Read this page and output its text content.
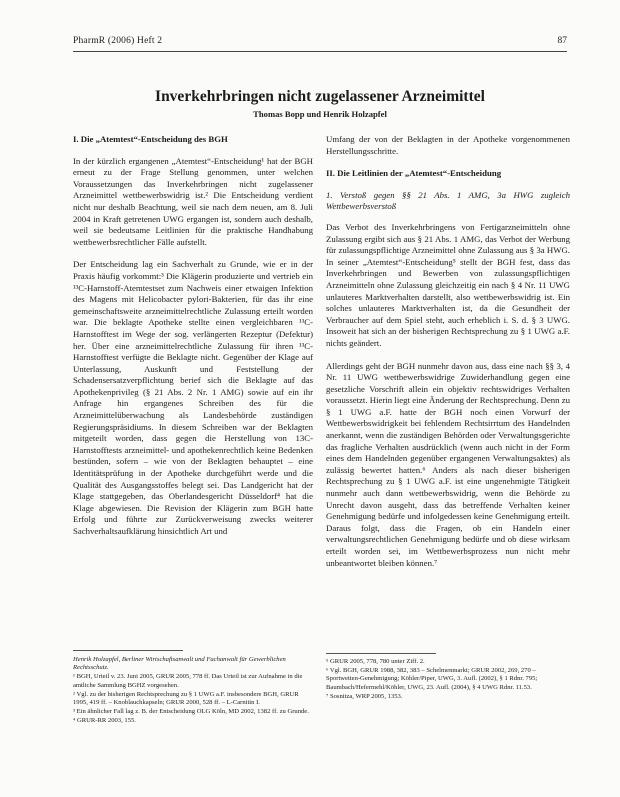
PharmR (2006) Heft 2	87
Inverkehrbringen nicht zugelassener Arzneimittel
Thomas Bopp und Henrik Holzapfel
I. Die „Atemtest“-Entscheidung des BGH

In der kürzlich ergangenen „Atemtest“-Entscheidung¹ hat der BGH erneut zu der Frage Stellung genommen, unter welchen Voraussetzungen das Inverkehrbringen nicht zugelassener Arzneimittel wettbewerbswidrig ist.² Die Entscheidung verdient nicht nur deshalb Beachtung, weil sie nach dem neuen, am 8. Juli 2004 in Kraft getretenen UWG ergangen ist, sondern auch deshalb, weil sie bedeutsame Leitlinien für die praktische Handhabung wettbewerbsrechtlicher Fälle aufstellt.

Der Entscheidung lag ein Sachverhalt zu Grunde, wie er in der Praxis häufig vorkommt:³ Die Klägerin produzierte und vertrieb ein ¹³C-Harnstoff-Atemtestset zum Nachweis einer etwaigen Infektion des Magens mit Helicobacter pylori-Bakterien, für das ihr eine gemeinschaftsweite arzneimittelrechtliche Zulassung erteilt worden war. Die beklagte Apotheke stellte einen vergleichbaren ¹³C-Harnstofftest im Wege der sog. verlängerten Rezeptur (Defektur) her. Über eine arzneimittelrechtliche Zulassung für ihren ¹³C-Harnstofftest verfügte die Beklagte nicht. Gegenüber der Klage auf Unterlassung, Auskunft und Feststellung der Schadensersatzverpflichtung berief sich die Beklagte auf das Apothekenprivileg (§ 21 Abs. 2 Nr. 1 AMG) sowie auf ein ihr Anfrage hin ergangenes Schreiben des für die Arzneimittelüberwachung als Landesbehörde zuständigen Regierungspräsidiums. In diesem Schreiben war der Beklagten mitgeteilt worden, dass gegen die Herstellung von 13C-Harnstofftests arzneimittel- und apothekenrechtlich keine Bedenken bestünden, sofern – wie von der Beklagten behauptet – eine Identitätsprüfung in der Apotheke durchgeführt werde und die Qualität des Ausgangsstoffes belegt sei. Das Landgericht hat der Klage stattgegeben, das Oberlandesgericht Düsseldorf⁴ hat die Klage abgewiesen. Die Revision der Klägerin zum BGH hatte Erfolg und führte zur Zurückverweisung zwecks weiterer Sachverhaltsaufklärung hinsichtlich Art und

Umfang der von der Beklagten in der Apotheke vorgenommenen Herstellungsschritte.

II. Die Leitlinien der „Atemtest“-Entscheidung
1. Verstoß gegen §§ 21 Abs. 1 AMG, 3a HWG zugleich Wettbewerbsverstoß

Das Verbot des Inverkehrbringens von Fertigarzneimitteln ohne Zulassung ergibt sich aus § 21 Abs. 1 AMG, das Verbot der Werbung für zulassungspflichtige Arzneimittel ohne Zulassung aus § 3a HWG. In seiner „Atemtest“-Entscheidung⁵ stellt der BGH fest, dass das Inverkehrbringen und Bewerben von zulassungspflichtigen Arzneimitteln ohne Zulassung gleichzeitig ein nach § 4 Nr. 11 UWG unlauteres Marktverhalten darstellt, also wettbewerbswidrig ist. Ein solches unlauteres Marktverhalten ist, da die Gesundheit der Verbraucher auf dem Spiel steht, auch erheblich i. S. d. § 3 UWG. Insoweit hat sich an der bisherigen Rechtsprechung zu § 1 UWG a.F. nichts geändert.

Allerdings geht der BGH nunmehr davon aus, dass eine nach §§ 3, 4 Nr. 11 UWG wettbewerbswidrige Zuwiderhandlung gegen eine gesetzliche Vorschrift allein ein objektiv rechtswidriges Verhalten voraussetzt. Hierin liegt eine Änderung der Rechtsprechung. Denn zu § 1 UWG a.F. hatte der BGH noch einen Vorwurf der Wettbewerbswidrigkeit bei fehlendem Rechtsirrtum des Handelnden anerkannt, wenn die zuständigen Behörden oder Verwaltungsgerichte das fragliche Verhalten ausdrücklich (wenn auch nicht in der Form eines dem Handelnden gegenüber ergangenen Verwaltungsaktes) als zulässig bewertet hatten.⁶ Anders als nach dieser bisherigen Rechtsprechung zu § 1 UWG a.F. ist eine ungenehmigte Tätigkeit nunmehr auch dann wettbewerbswidrig, wenn die Behörde zu Unrecht davon ausgeht, dass das betreffende Verhalten keiner Genehmigung bedürfe und infolgedessen keine Genehmigung erteilt. Daraus folgt, dass die Fragen, ob ein Handeln einer verwaltungsrechtlichen Genehmigung bedürfe und ob diese wirksam erteilt worden sei, im Wettbewerbsprozess nun nicht mehr unbeantwortet bleiben können.⁷

Henrik Holzapfel, Berliner Wirtschaftsanwalt und Fachanwalt für Gewerblichen Rechtsschutz.
¹ BGH, Urteil v. 23. Juni 2005, GRUR 2005, 778 ff. Das Urteil ist zur Aufnahme in die amtliche Sammlung BGHZ vorgesehen.
² Vgl. zu der bisherigen Rechtsprechung zu § 1 UWG a.F. insbesondere BGH, GRUR 1995, 419 ff. – Knoblauchkapseln; GRUR 2000, 528 ff. – L-Carnitin I.
³ Ein ähnlicher Fall lag z. B. der Entscheidung OLG Köln, MD 2002, 1382 ff. zu Grunde.
⁴ GRUR-RR 2003, 155.
⁵ GRUR 2005, 778, 780 unter Ziff. 2.
⁶ Vgl. BGH, GRUR 1988, 382, 383 – Schelmenmarkt; GRUR 2002, 269, 270 – Sportwetten-Genehmigung; Köhler/Piper, UWG, 3. Aufl. (2002), § 1 Rdnr. 795; Baumbach/Hefermehl/Köhler, UWG, 23. Aufl. (2004), § 4 UWG Rdnr. 11.53.
⁷ Sosnitza, WRP 2005, 1353.
